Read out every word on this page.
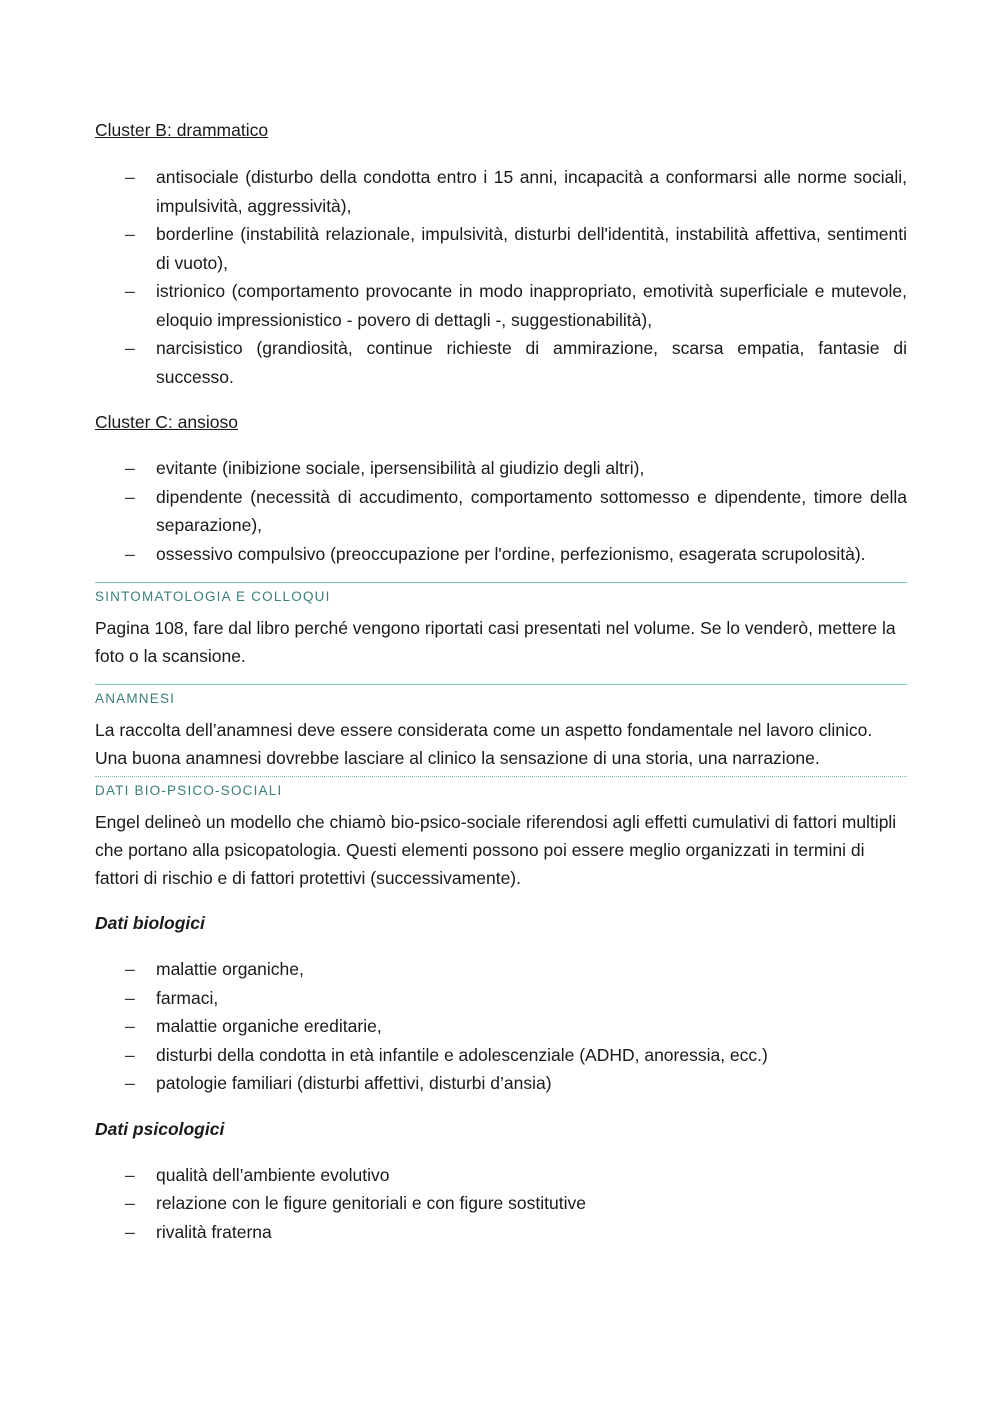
Cluster B: drammatico

– antisociale (disturbo della condotta entro i 15 anni, incapacità a conformarsi alle norme sociali, impulsività, aggressività),
– borderline (instabilità relazionale, impulsività, disturbi dell'identità, instabilità affettiva, sentimenti di vuoto),
– istrionico (comportamento provocante in modo inappropriato, emotività superficiale e mutevole, eloquio impressionistico - povero di dettagli -, suggestionabilità),
– narcisistico (grandiosità, continue richieste di ammirazione, scarsa empatia, fantasie di successo.

Cluster C: ansioso

– evitante (inibizione sociale, ipersensibilità al giudizio degli altri),
– dipendente (necessità di accudimento, comportamento sottomesso e dipendente, timore della separazione),
– ossessivo compulsivo (preoccupazione per l'ordine, perfezionismo, esagerata scrupolosità).
SINTOMATOLOGIA E COLLOQUI

Pagina 108, fare dal libro perché vengono riportati casi presentati nel volume. Se lo venderò, mettere la foto o la scansione.

ANAMNESI

La raccolta dell’anamnesi deve essere considerata come un aspetto fondamentale nel lavoro clinico. Una buona anamnesi dovrebbe lasciare al clinico la sensazione di una storia, una narrazione.

DATI BIO-PSICO-SOCIALI

Engel delineò un modello che chiamò bio-psico-sociale riferendosi agli effetti cumulativi di fattori multipli che portano alla psicopatologia. Questi elementi possono poi essere meglio organizzati in termini di fattori di rischio e di fattori protettivi (successivamente).

Dati biologici

– malattie organiche,
– farmaci,
– malattie organiche ereditarie,
– disturbi della condotta in età infantile e adolescenziale (ADHD, anoressia, ecc.)
– patologie familiari (disturbi affettivi, disturbi d’ansia)

Dati psicologici

– qualità dell’ambiente evolutivo
– relazione con le figure genitoriali e con figure sostitutive
– rivalità fraterna
